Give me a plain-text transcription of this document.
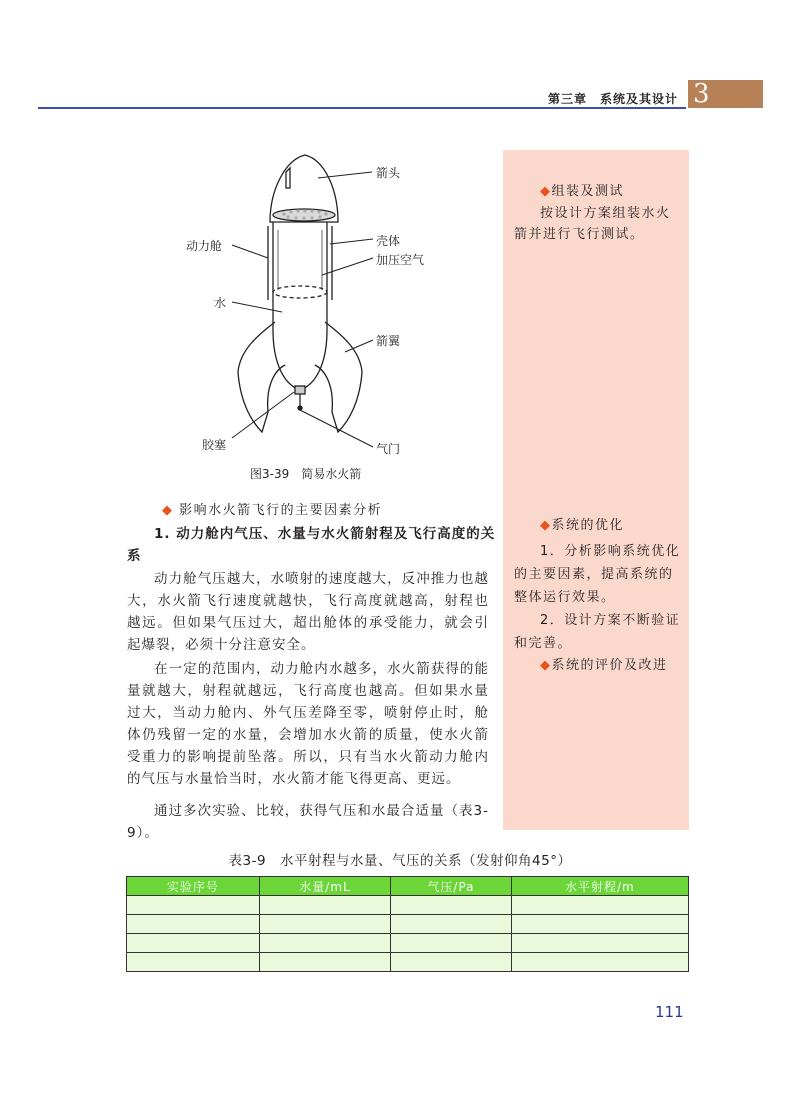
第三章　系统及其设计 3
◆组装及测试
按设计方案组装水火箭并进行飞行测试。
◆系统的优化
1．分析影响系统优化的主要因素，提高系统的整体运行效果。
2．设计方案不断验证和完善。
◆系统的评价及改进
箭头
动力舱	壳体
加压空气
水
箭翼
胶塞	气门
图3-39　简易水火箭
◆ 影响水火箭飞行的主要因素分析
1. 动力舱内气压、水量与水火箭射程及飞行高度的关系

动力舱气压越大，水喷射的速度越大，反冲推力也越大，水火箭飞行速度就越快，飞行高度就越高，射程也越远。但如果气压过大，超出舱体的承受能力，就会引起爆裂，必须十分注意安全。

在一定的范围内，动力舱内水越多，水火箭获得的能量就越大，射程就越远，飞行高度也越高。但如果水量过大，当动力舱内、外气压差降至零，喷射停止时，舱体仍残留一定的水量，会增加水火箭的质量，使水火箭受重力的影响提前坠落。所以，只有当水火箭动力舱内的气压与水量恰当时，水火箭才能飞得更高、更远。

通过多次实验、比较，获得气压和水最合适量（表3-9）。

表3-9　水平射程与水量、气压的关系（发射仰角45°）
实验序号	水量/mL	气压/Pa	水平射程/m

111
